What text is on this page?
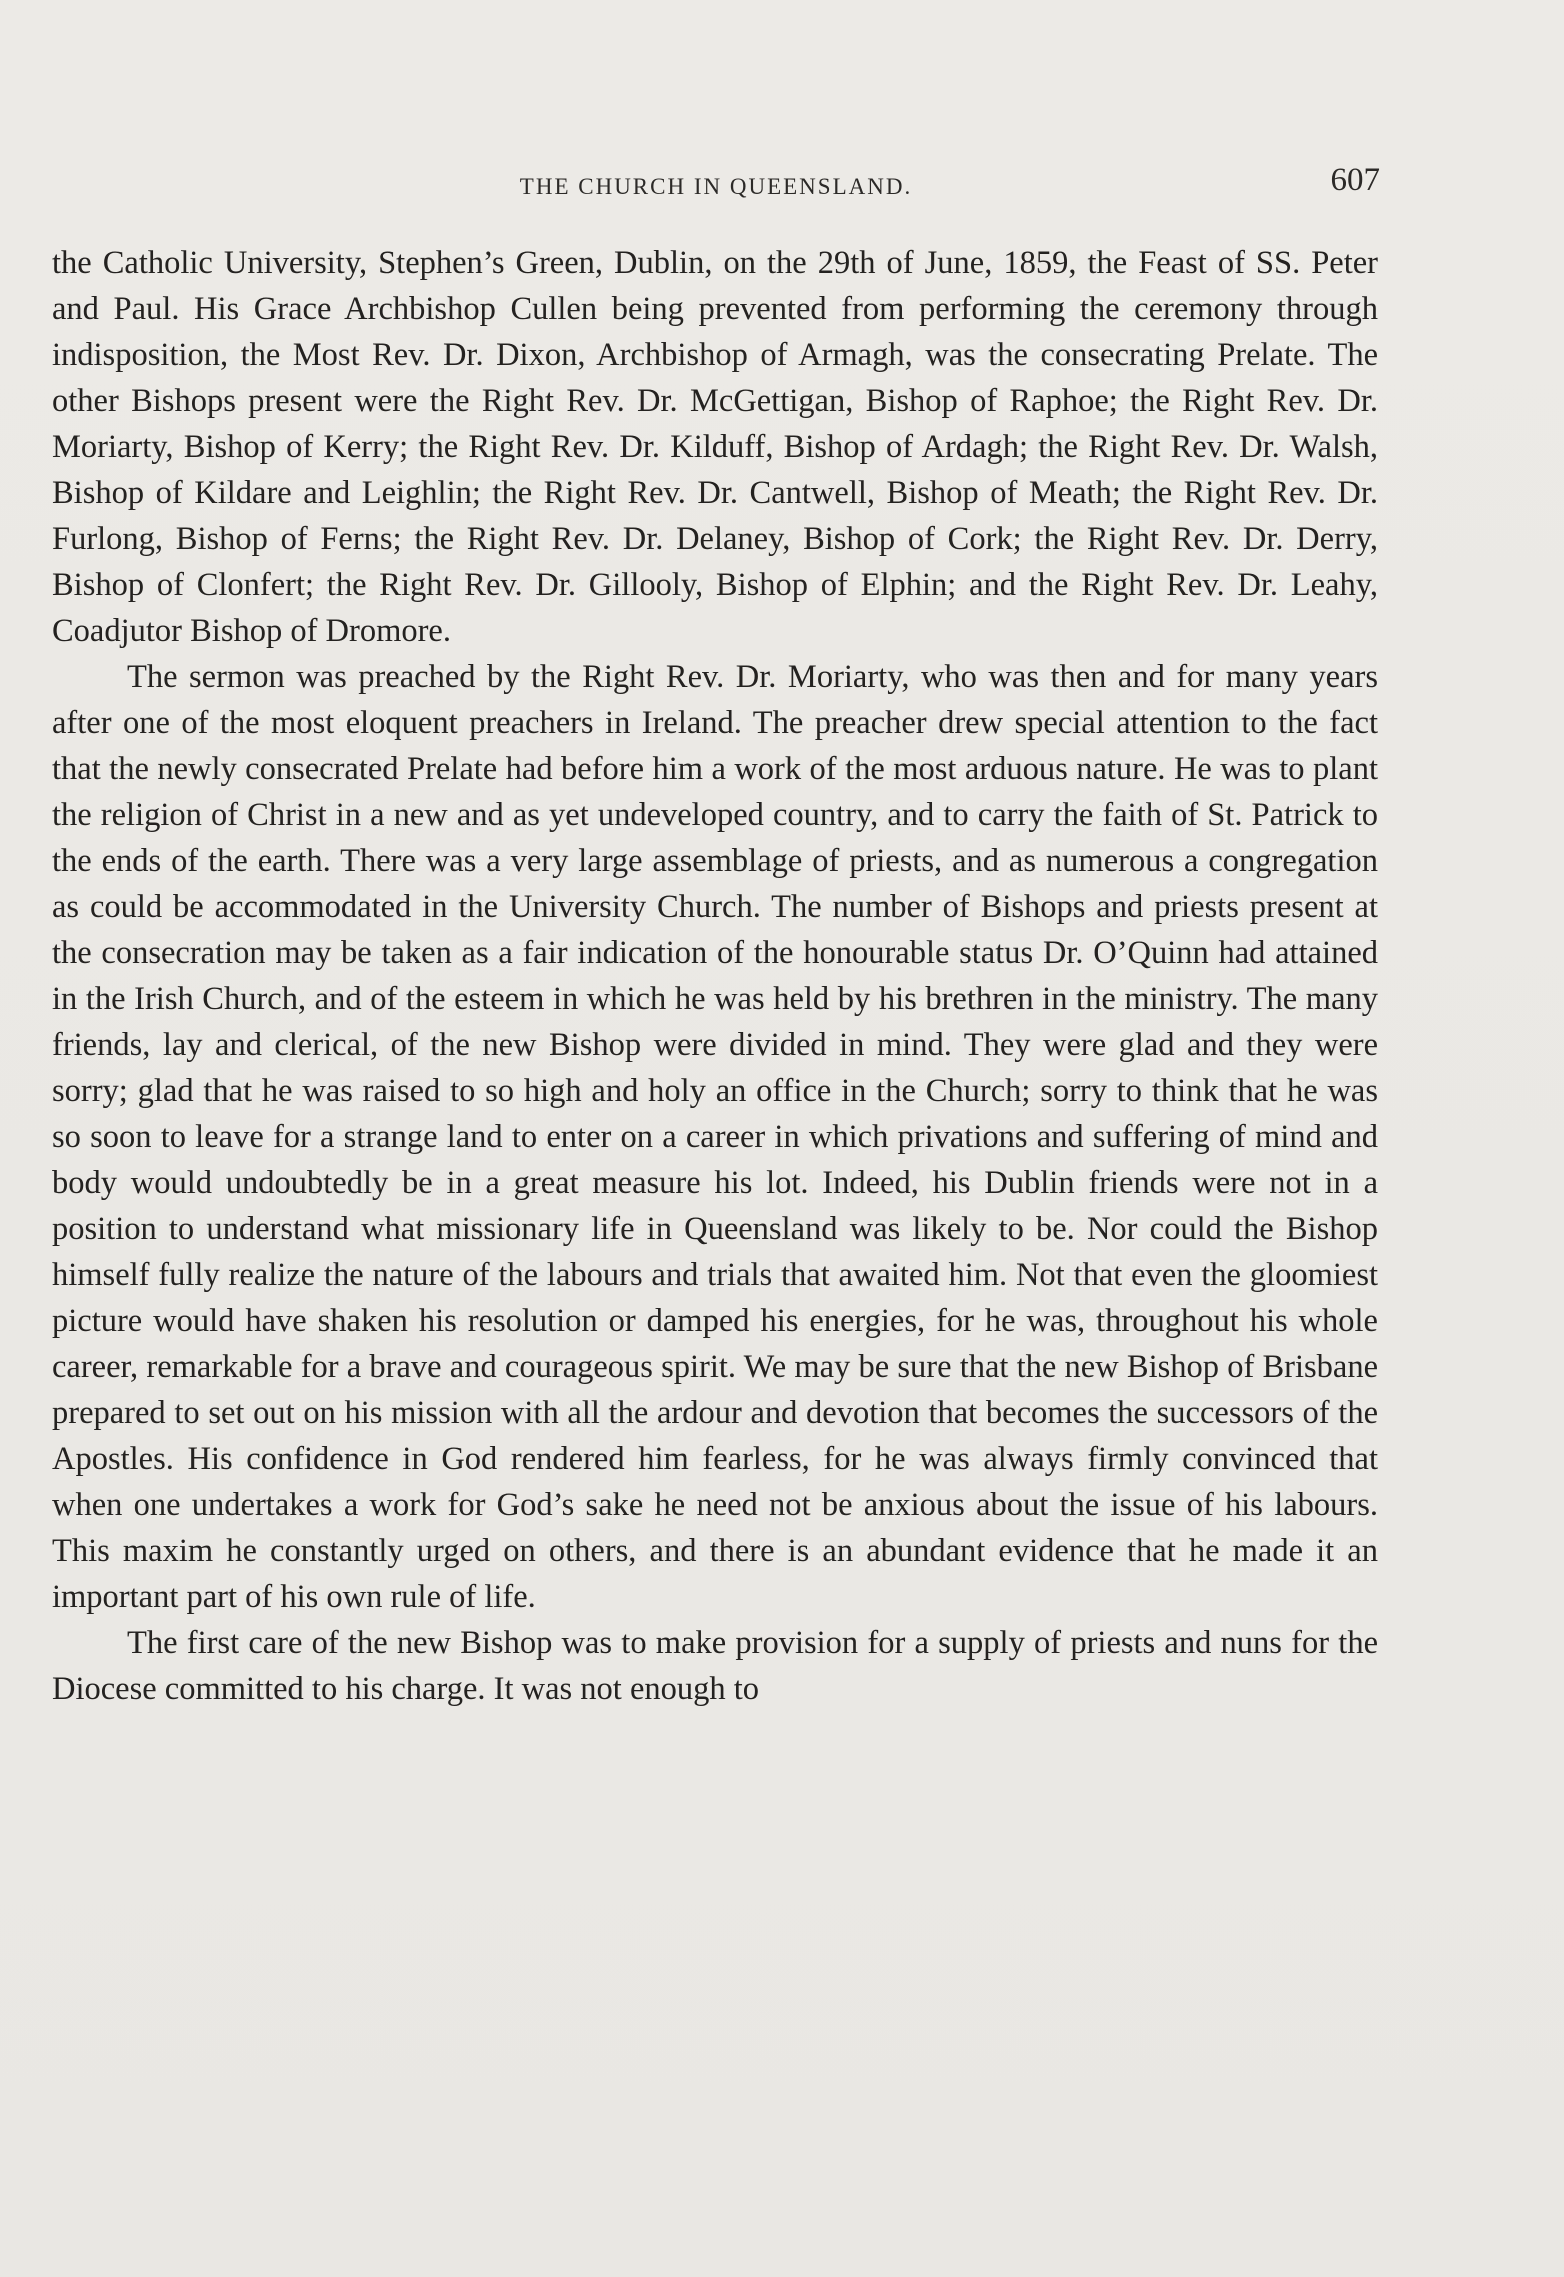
THE CHURCH IN QUEENSLAND.	607

the Catholic University, Stephen’s Green, Dublin, on the 29th of June, 1859, the Feast of SS. Peter and Paul. His Grace Archbishop Cullen being prevented from performing the ceremony through indisposition, the Most Rev. Dr. Dixon, Archbishop of Armagh, was the consecrating Prelate. The other Bishops present were the Right Rev. Dr. McGettigan, Bishop of Raphoe; the Right Rev. Dr. Moriarty, Bishop of Kerry; the Right Rev. Dr. Kilduff, Bishop of Ardagh; the Right Rev. Dr. Walsh, Bishop of Kildare and Leighlin; the Right Rev. Dr. Cantwell, Bishop of Meath; the Right Rev. Dr. Furlong, Bishop of Ferns; the Right Rev. Dr. Delaney, Bishop of Cork; the Right Rev. Dr. Derry, Bishop of Clonfert; the Right Rev. Dr. Gillooly, Bishop of Elphin; and the Right Rev. Dr. Leahy, Coadjutor Bishop of Dromore.

The sermon was preached by the Right Rev. Dr. Moriarty, who was then and for many years after one of the most eloquent preachers in Ireland. The preacher drew special attention to the fact that the newly consecrated Prelate had before him a work of the most arduous nature. He was to plant the religion of Christ in a new and as yet undeveloped country, and to carry the faith of St. Patrick to the ends of the earth. There was a very large assemblage of priests, and as numerous a congregation as could be accommodated in the University Church. The number of Bishops and priests present at the consecration may be taken as a fair indication of the honourable status Dr. O’Quinn had attained in the Irish Church, and of the esteem in which he was held by his brethren in the ministry. The many friends, lay and clerical, of the new Bishop were divided in mind. They were glad and they were sorry; glad that he was raised to so high and holy an office in the Church; sorry to think that he was so soon to leave for a strange land to enter on a career in which privations and suffering of mind and body would undoubtedly be in a great measure his lot. Indeed, his Dublin friends were not in a position to understand what missionary life in Queensland was likely to be. Nor could the Bishop himself fully realize the nature of the labours and trials that awaited him. Not that even the gloomiest picture would have shaken his resolution or damped his energies, for he was, throughout his whole career, remarkable for a brave and courageous spirit. We may be sure that the new Bishop of Brisbane prepared to set out on his mission with all the ardour and devotion that becomes the successors of the Apostles. His confidence in God rendered him fearless, for he was always firmly convinced that when one undertakes a work for God’s sake he need not be anxious about the issue of his labours. This maxim he constantly urged on others, and there is an abundant evidence that he made it an important part of his own rule of life.

The first care of the new Bishop was to make provision for a supply of priests and nuns for the Diocese committed to his charge. It was not enough to
